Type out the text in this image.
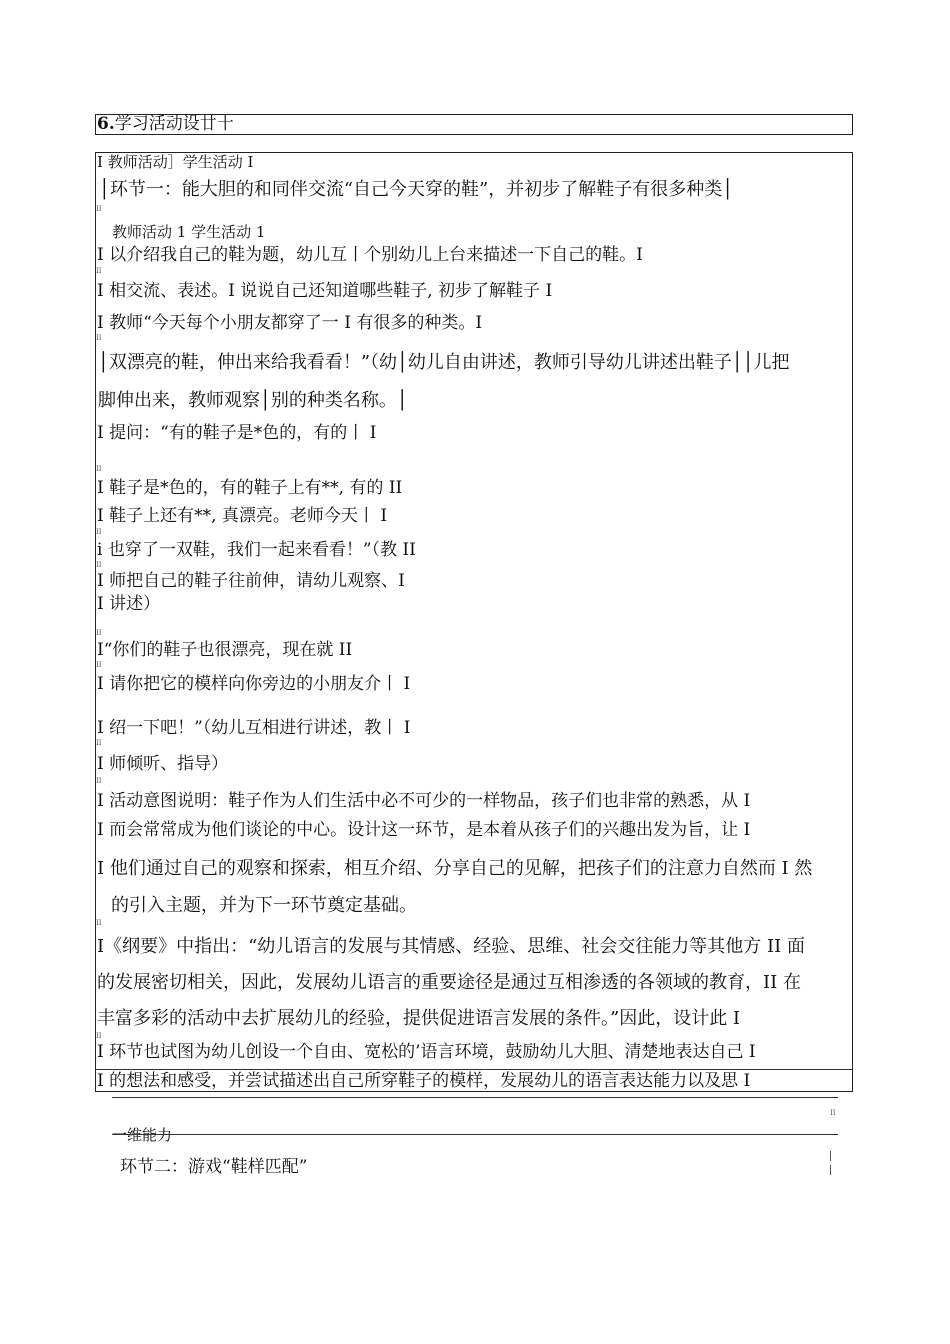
6.学习活动设廿十
I 教师活动］学生活动 I
│环节一：能大胆的和同伴交流“自己今天穿的鞋”，并初步了解鞋子有很多种类│
II
教师活动 1 学生活动 1
I 以介绍我自己的鞋为题，幼儿互丨个别幼儿上台来描述一下自己的鞋。I
II
I 相交流、表述。I 说说自己还知道哪些鞋子, 初步了解鞋子 I
I 教师“今天每个小朋友都穿了一 I 有很多的种类。I
II
│双漂亮的鞋，伸出来给我看看！”（幼│幼儿自由讲述，教师引导幼儿讲述出鞋子││儿把
脚伸出来，教师观察│别的种类名称。│
I 提问：“有的鞋子是*色的，有的丨 I
II
I 鞋子是*色的，有的鞋子上有**, 有的 II
I 鞋子上还有**, 真漂亮。老师今天丨 I
II
i 也穿了一双鞋，我们一起来看看！”（教 II
II
I 师把自己的鞋子往前伸，请幼儿观察、I
I 讲述）
II
I“你们的鞋子也很漂亮，现在就 II
II
I 请你把它的模样向你旁边的小朋友介丨 I
I 绍一下吧！”（幼儿互相进行讲述，教丨 I
II
I 师倾听、指导）
II
I 活动意图说明：鞋子作为人们生活中必不可少的一样物品，孩子们也非常的熟悉，从 I
I 而会常常成为他们谈论的中心。设计这一环节，是本着从孩子们的兴趣出发为旨，让 I
I 他们通过自己的观察和探索，相互介绍、分享自己的见解，把孩子们的注意力自然而 I 然
的引入主题，并为下一环节奠定基础。
II
I《纲要》中指出：“幼儿语言的发展与其情感、经验、思维、社会交往能力等其他方 II 面
的发展密切相关，因此，发展幼儿语言的重要途径是通过互相渗透的各领域的教育，II 在
丰富多彩的活动中去扩展幼儿的经验，提供促进语言发展的条件。”因此，设计此 I
II
I 环节也试图为幼儿创设一个自由、宽松的’语言环境，鼓励幼儿大胆、清楚地表达自己 I
I 的想法和感受，并尝试描述出自己所穿鞋子的模样，发展幼儿的语言表达能力以及思 I
II
一维能力
环节二：游戏“鞋样匹配”
